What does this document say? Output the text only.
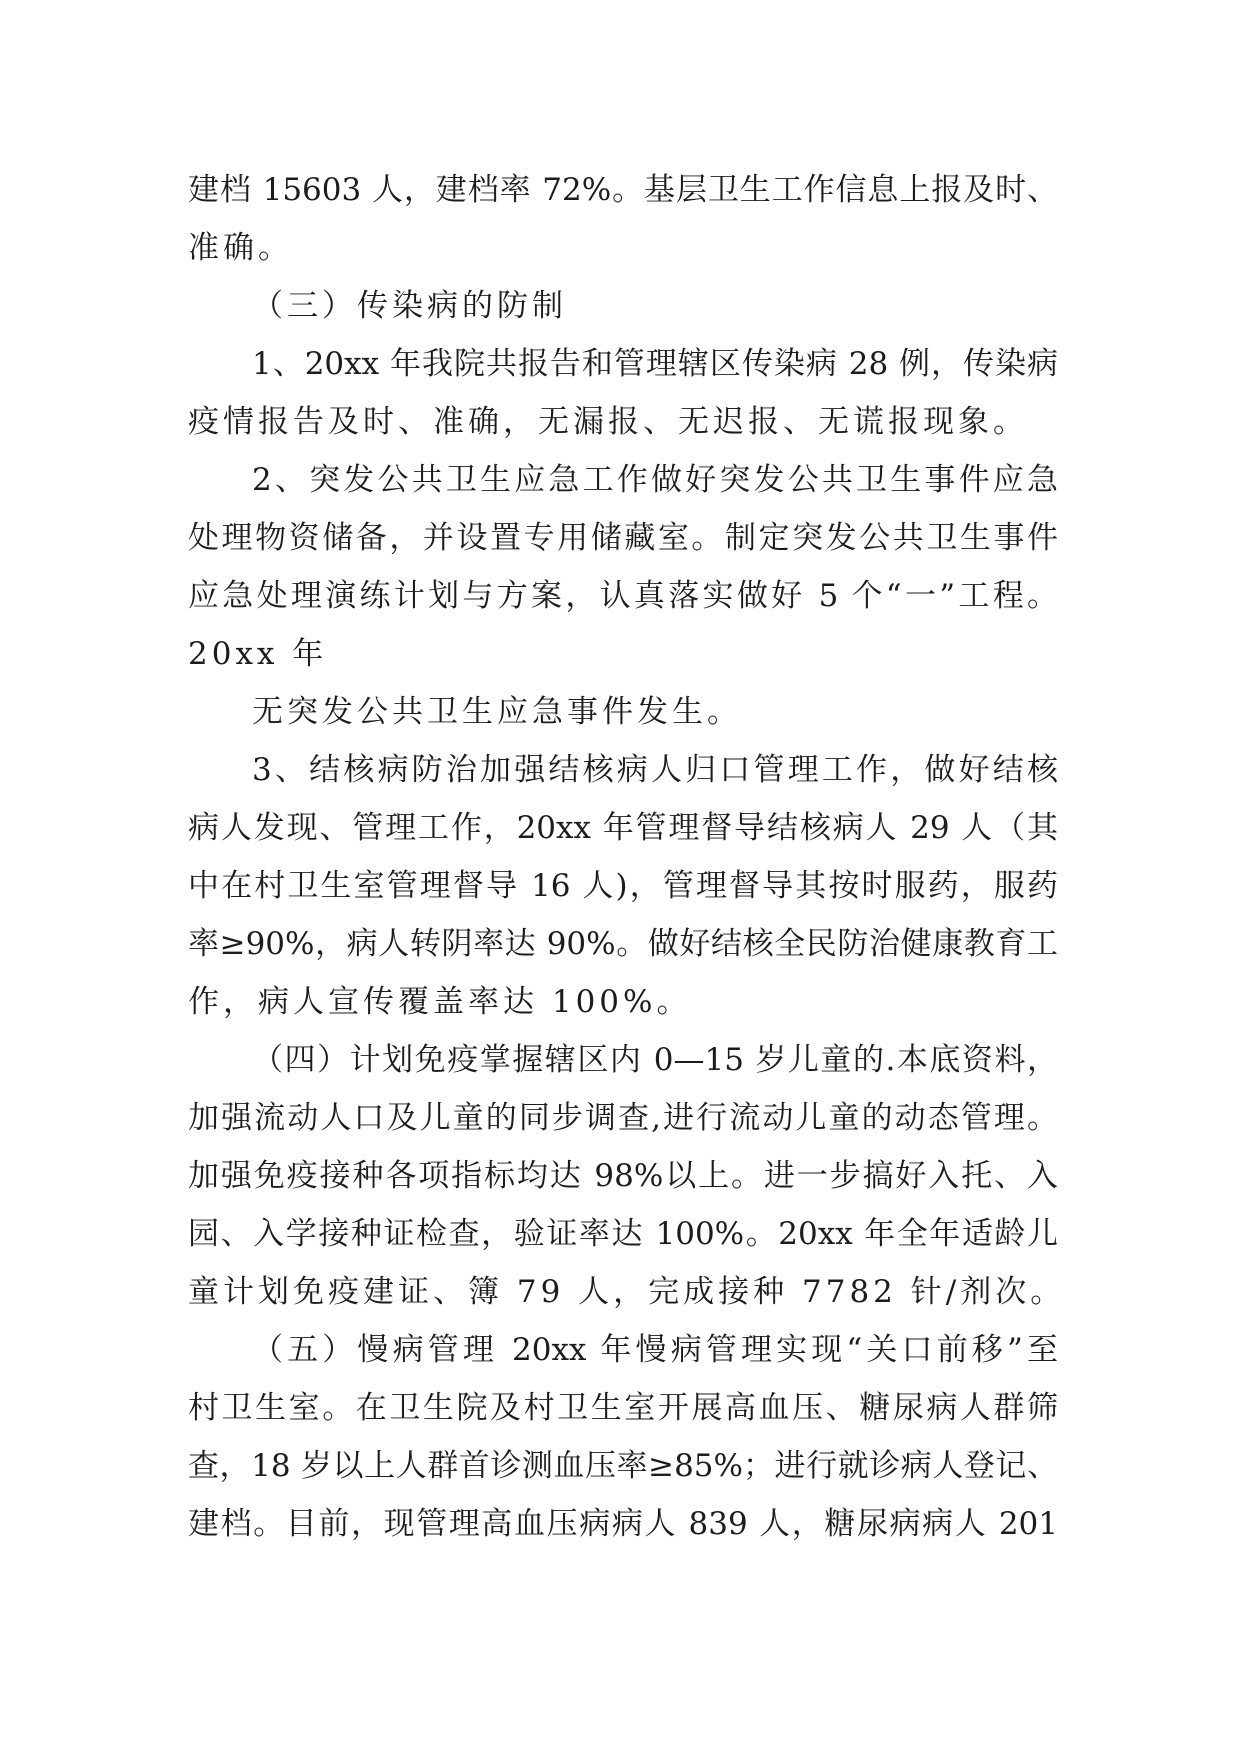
建档 15603 人，建档率 72%。基层卫生工作信息上报及时、
准确。
（三）传染病的防制
1、20xx 年我院共报告和管理辖区传染病 28 例，传染病
疫情报告及时、准确，无漏报、无迟报、无谎报现象。
2、突发公共卫生应急工作做好突发公共卫生事件应急
处理物资储备，并设置专用储藏室。制定突发公共卫生事件
应急处理演练计划与方案，认真落实做好 5 个“一”工程。
20xx 年
无突发公共卫生应急事件发生。
3、结核病防治加强结核病人归口管理工作，做好结核
病人发现、管理工作，20xx 年管理督导结核病人 29 人（其
中在村卫生室管理督导 16 人)，管理督导其按时服药，服药
率≥90%，病人转阴率达 90%。做好结核全民防治健康教育工
作，病人宣传覆盖率达 100%。
（四）计划免疫掌握辖区内 0—15 岁儿童的.本底资料，
加强流动人口及儿童的同步调查,进行流动儿童的动态管理。
加强免疫接种各项指标均达 98%以上。进一步搞好入托、入
园、入学接种证检查，验证率达 100%。20xx 年全年适龄儿
童计划免疫建证、簿 79 人，完成接种 7782 针/剂次。
（五）慢病管理 20xx 年慢病管理实现“关口前移”至
村卫生室。在卫生院及村卫生室开展高血压、糖尿病人群筛
查，18 岁以上人群首诊测血压率≥85%；进行就诊病人登记、
建档。目前，现管理高血压病病人 839 人，糖尿病病人 201
